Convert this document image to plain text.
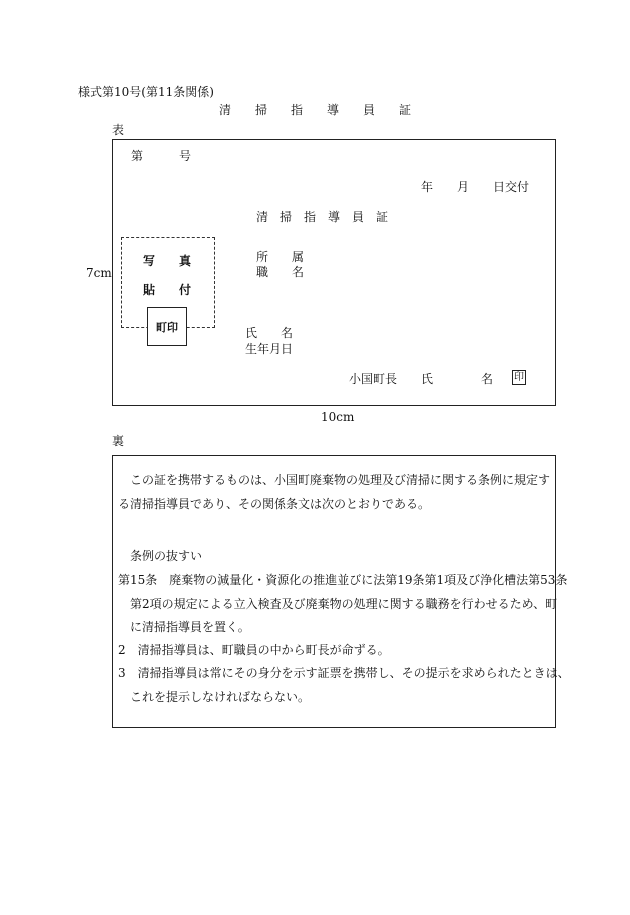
様式第10号(第11条関係)
清　　掃　　指　　導　　員　　証
表
第　　　号
年　　月　　日交付
清　掃　指　導　員　証
写　　真
貼　　付
町印
所　　属
職　　名
氏　　名
生年月日
小国町長　　氏　　　　名 印
7cm
10cm
裏
この証を携帯するものは、小国町廃棄物の処理及び清掃に関する条例に規定す
る清掃指導員であり、その関係条文は次のとおりである。
条例の抜すい
第15条　廃棄物の減量化・資源化の推進並びに法第19条第1項及び浄化槽法第53条
第2項の規定による立入検査及び廃棄物の処理に関する職務を行わせるため、町
に清掃指導員を置く。
2　清掃指導員は、町職員の中から町長が命ずる。
3　清掃指導員は常にその身分を示す証票を携帯し、その提示を求められたときは、
これを提示しなければならない。
